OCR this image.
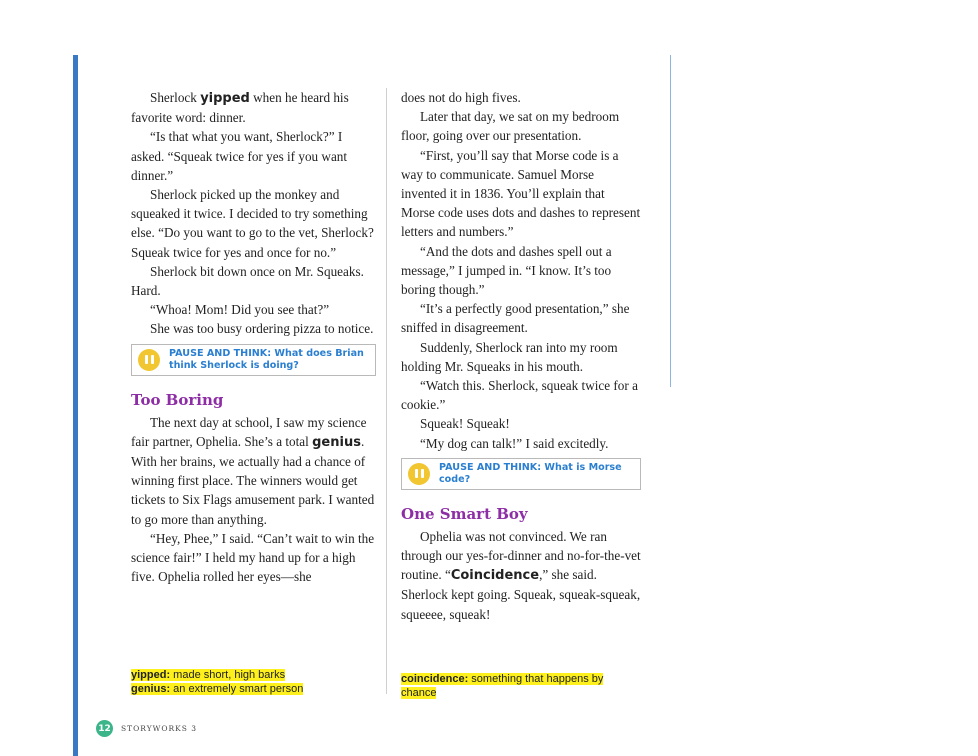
Sherlock yipped when he heard his favorite word: dinner.

“Is that what you want, Sherlock?” I asked. “Squeak twice for yes if you want dinner.”

Sherlock picked up the monkey and squeaked it twice. I decided to try something else. “Do you want to go to the vet, Sherlock? Squeak twice for yes and once for no.”

Sherlock bit down once on Mr. Squeaks. Hard.

“Whoa! Mom! Did you see that?”

She was too busy ordering pizza to notice.

PAUSE AND THINK: What does Brian think Sherlock is doing?
Too Boring

The next day at school, I saw my science fair partner, Ophelia. She’s a total genius. With her brains, we actually had a chance of winning first place. The winners would get tickets to Six Flags amusement park. I wanted to go more than anything.

“Hey, Phee,” I said. “Can’t wait to win the science fair!” I held my hand up for a high five. Ophelia rolled her eyes—she

does not do high fives.

Later that day, we sat on my bedroom floor, going over our presentation.

“First, you’ll say that Morse code is a way to communicate. Samuel Morse invented it in 1836. You’ll explain that Morse code uses dots and dashes to represent letters and numbers.”

“And the dots and dashes spell out a message,” I jumped in. “I know. It’s too boring though.”

“It’s a perfectly good presentation,” she sniffed in disagreement.

Suddenly, Sherlock ran into my room holding Mr. Squeaks in his mouth.

“Watch this. Sherlock, squeak twice for a cookie.”

Squeak! Squeak!

“My dog can talk!” I said excitedly.

PAUSE AND THINK: What is Morse code?
One Smart Boy

Ophelia was not convinced. We ran through our yes-for-dinner and no-for-the-vet routine. “Coincidence,” she said. Sherlock kept going. Squeak, squeak-squeak, squeeee, squeak!

yipped: made short, high barks
genius: an extremely smart person
coincidence: something that happens by chance
12 STORYWORKS 3
